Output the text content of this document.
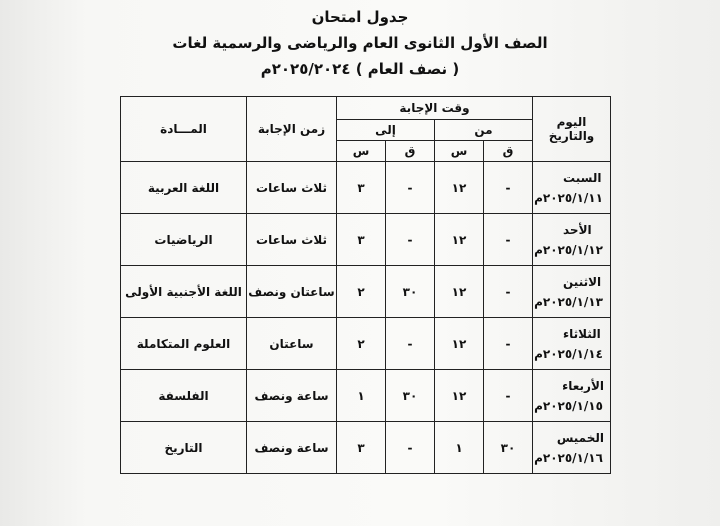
جدول امتحان
الصف الأول الثانوى العام والرياضى والرسمية لغات
( نصف العام ) ٢٠٢٥/٢٠٢٤م
اليوم والتاريخ	وقت الإجابة				زمن الإجابة	المـــادة
	من		إلى			
	ق	س	ق	س		

السبت
٢٠٢٥/١/١١م	-	١٢	-	٣	ثلاث ساعات	اللغة العربية

الأحد
٢٠٢٥/١/١٢م	-	١٢	-	٣	ثلاث ساعات	الرياضيات

الاثنين
٢٠٢٥/١/١٣م	-	١٢	٣٠	٢	ساعتان ونصف	اللغة الأجنبية الأولى

الثلاثاء
٢٠٢٥/١/١٤م	-	١٢	-	٢	ساعتان	العلوم المتكاملة

الأربعاء
٢٠٢٥/١/١٥م	-	١٢	٣٠	١	ساعة ونصف	الفلسفة

الخميس
٢٠٢٥/١/١٦م	٣٠	١	-	٣	ساعة ونصف	التاريخ
